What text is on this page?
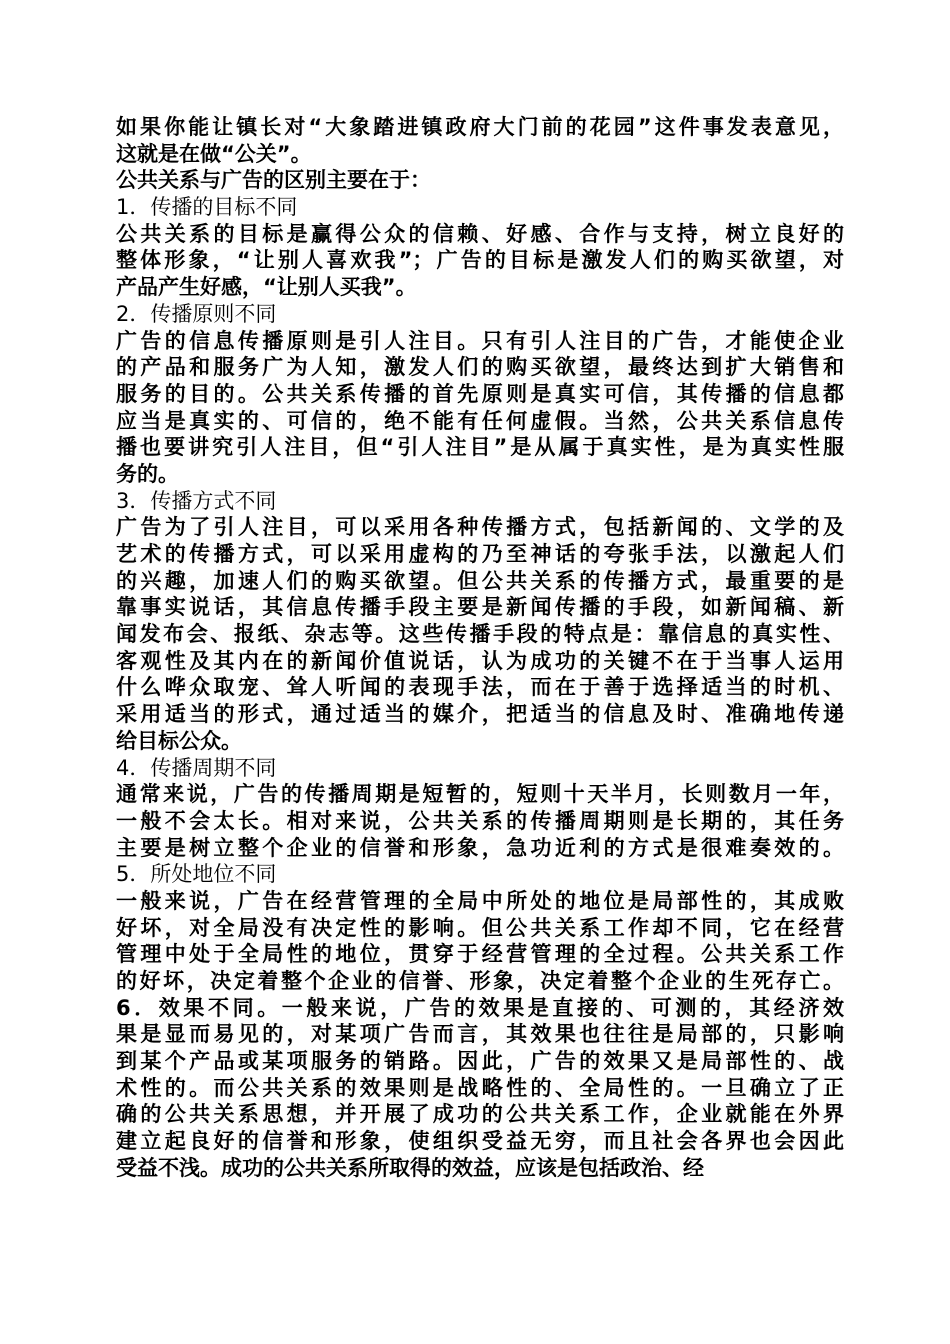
如果你能让镇长对“大象踏进镇政府大门前的花园”这件事发表意见，
这就是在做“公关”。
公共关系与广告的区别主要在于：
1．传播的目标不同
公共关系的目标是赢得公众的信赖、好感、合作与支持，树立良好的
整体形象，“让别人喜欢我”；广告的目标是激发人们的购买欲望，对
产品产生好感，“让别人买我”。
2．传播原则不同
广告的信息传播原则是引人注目。只有引人注目的广告，才能使企业
的产品和服务广为人知，激发人们的购买欲望，最终达到扩大销售和
服务的目的。公共关系传播的首先原则是真实可信，其传播的信息都
应当是真实的、可信的，绝不能有任何虚假。当然，公共关系信息传
播也要讲究引人注目，但“引人注目”是从属于真实性，是为真实性服
务的。
3．传播方式不同
广告为了引人注目，可以采用各种传播方式，包括新闻的、文学的及
艺术的传播方式，可以采用虚构的乃至神话的夸张手法，以激起人们
的兴趣，加速人们的购买欲望。但公共关系的传播方式，最重要的是
靠事实说话，其信息传播手段主要是新闻传播的手段，如新闻稿、新
闻发布会、报纸、杂志等。这些传播手段的特点是：靠信息的真实性、
客观性及其内在的新闻价值说话，认为成功的关键不在于当事人运用
什么哗众取宠、耸人听闻的表现手法，而在于善于选择适当的时机、
采用适当的形式，通过适当的媒介，把适当的信息及时、准确地传递
给目标公众。
4．传播周期不同
通常来说，广告的传播周期是短暂的，短则十天半月，长则数月一年，
一般不会太长。相对来说，公共关系的传播周期则是长期的，其任务
主要是树立整个企业的信誉和形象，急功近利的方式是很难奏效的。
5．所处地位不同
一般来说，广告在经营管理的全局中所处的地位是局部性的，其成败
好坏，对全局没有决定性的影响。但公共关系工作却不同，它在经营
管理中处于全局性的地位，贯穿于经营管理的全过程。公共关系工作
的好坏，决定着整个企业的信誉、形象，决定着整个企业的生死存亡。
6．效果不同。一般来说，广告的效果是直接的、可测的，其经济效
果是显而易见的，对某项广告而言，其效果也往往是局部的，只影响
到某个产品或某项服务的销路。因此，广告的效果又是局部性的、战
术性的。而公共关系的效果则是战略性的、全局性的。一旦确立了正
确的公共关系思想，并开展了成功的公共关系工作，企业就能在外界
建立起良好的信誉和形象，使组织受益无穷，而且社会各界也会因此
受益不浅。成功的公共关系所取得的效益，应该是包括政治、经
